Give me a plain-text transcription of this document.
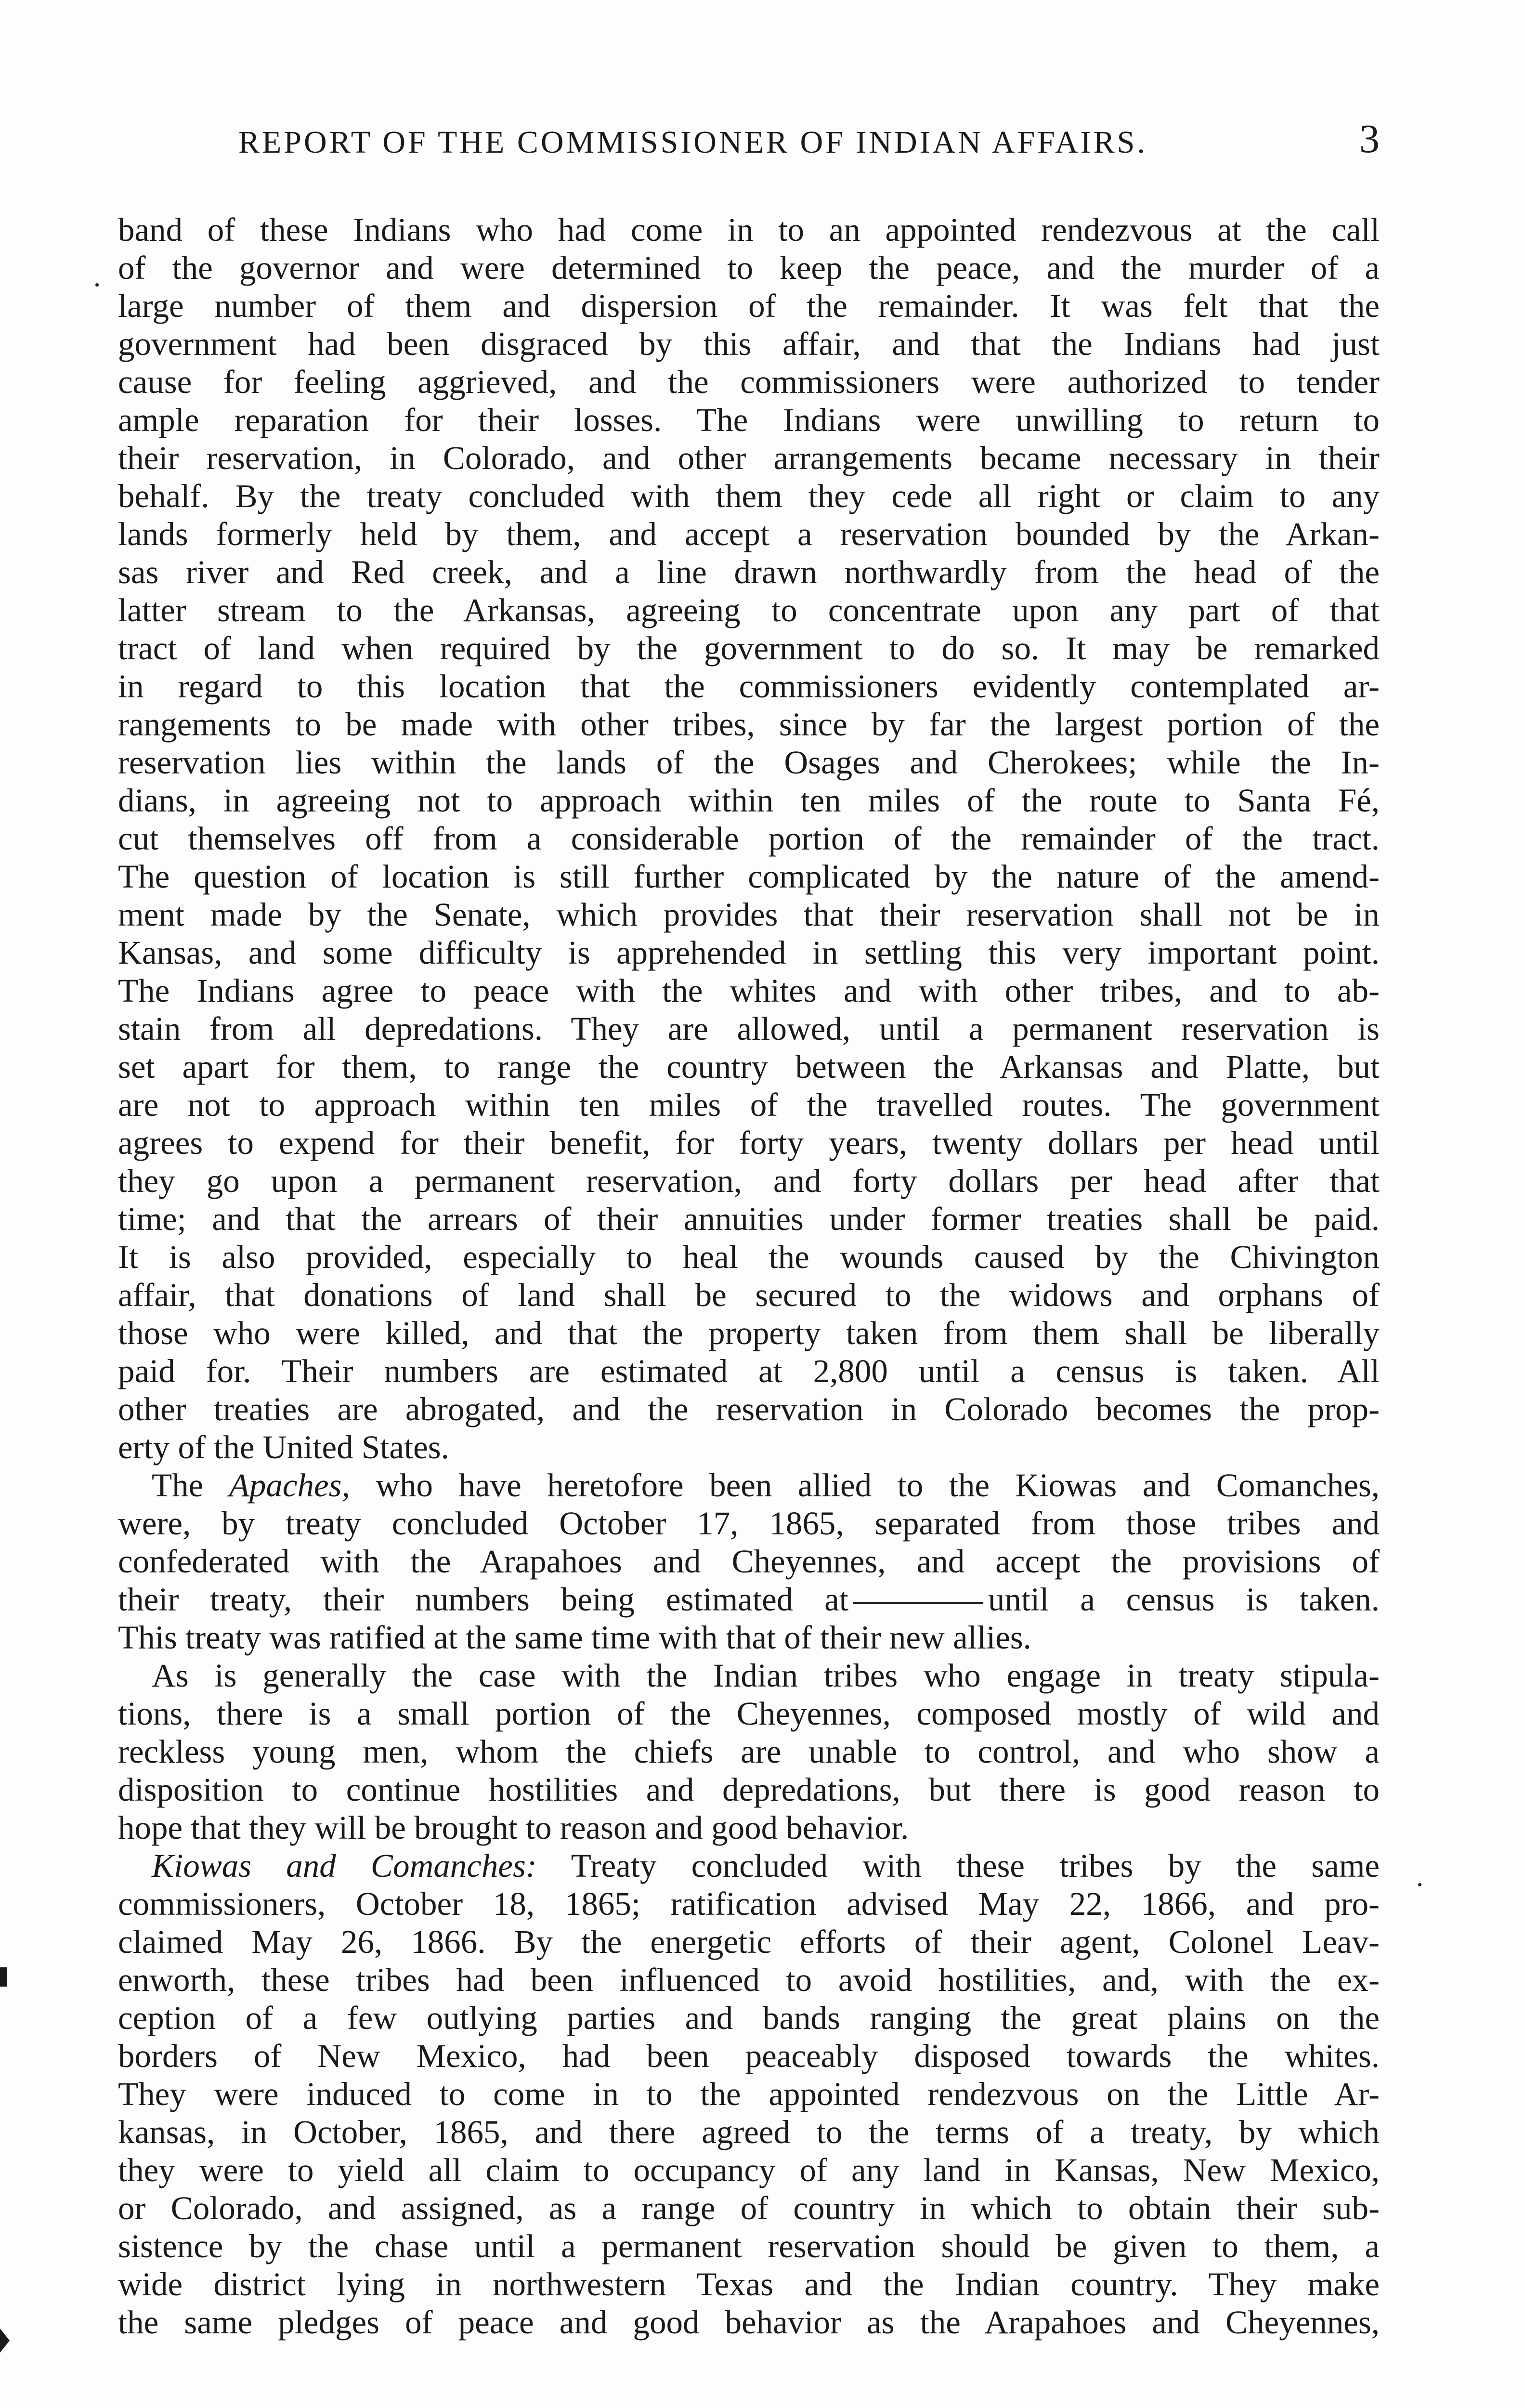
REPORT OF THE COMMISSIONER OF INDIAN AFFAIRS.	3
band of these Indians who had come in to an appointed rendezvous at the call
of the governor and were determined to keep the peace, and the murder of a
large number of them and dispersion of the remainder. It was felt that the
government had been disgraced by this affair, and that the Indians had just
cause for feeling aggrieved, and the commissioners were authorized to tender
ample reparation for their losses. The Indians were unwilling to return to
their reservation, in Colorado, and other arrangements became necessary in their
behalf. By the treaty concluded with them they cede all right or claim to any
lands formerly held by them, and accept a reservation bounded by the Arkan-
sas river and Red creek, and a line drawn northwardly from the head of the
latter stream to the Arkansas, agreeing to concentrate upon any part of that
tract of land when required by the government to do so. It may be remarked
in regard to this location that the commissioners evidently contemplated ar-
rangements to be made with other tribes, since by far the largest portion of the
reservation lies within the lands of the Osages and Cherokees; while the In-
dians, in agreeing not to approach within ten miles of the route to Santa Fé,
cut themselves off from a considerable portion of the remainder of the tract.
The question of location is still further complicated by the nature of the amend-
ment made by the Senate, which provides that their reservation shall not be in
Kansas, and some difficulty is apprehended in settling this very important point.
The Indians agree to peace with the whites and with other tribes, and to ab-
stain from all depredations. They are allowed, until a permanent reservation is
set apart for them, to range the country between the Arkansas and Platte, but
are not to approach within ten miles of the travelled routes. The government
agrees to expend for their benefit, for forty years, twenty dollars per head until
they go upon a permanent reservation, and forty dollars per head after that
time; and that the arrears of their annuities under former treaties shall be paid.
It is also provided, especially to heal the wounds caused by the Chivington
affair, that donations of land shall be secured to the widows and orphans of
those who were killed, and that the property taken from them shall be liberally
paid for. Their numbers are estimated at 2,800 until a census is taken. All
other treaties are abrogated, and the reservation in Colorado becomes the prop-
erty of the United States.
The Apaches, who have heretofore been allied to the Kiowas and Comanches,
were, by treaty concluded October 17, 1865, separated from those tribes and
confederated with the Arapahoes and Cheyennes, and accept the provisions of
their treaty, their numbers being estimated at	until a census is taken.
This treaty was ratified at the same time with that of their new allies.
As is generally the case with the Indian tribes who engage in treaty stipula-
tions, there is a small portion of the Cheyennes, composed mostly of wild and
reckless young men, whom the chiefs are unable to control, and who show a
disposition to continue hostilities and depredations, but there is good reason to
hope that they will be brought to reason and good behavior.
Kiowas and Comanches: Treaty concluded with these tribes by the same
commissioners, October 18, 1865; ratification advised May 22, 1866, and pro-
claimed May 26, 1866. By the energetic efforts of their agent, Colonel Leav-
enworth, these tribes had been influenced to avoid hostilities, and, with the ex-
ception of a few outlying parties and bands ranging the great plains on the
borders of New Mexico, had been peaceably disposed towards the whites.
They were induced to come in to the appointed rendezvous on the Little Ar-
kansas, in October, 1865, and there agreed to the terms of a treaty, by which
they were to yield all claim to occupancy of any land in Kansas, New Mexico,
or Colorado, and assigned, as a range of country in which to obtain their sub-
sistence by the chase until a permanent reservation should be given to them, a
wide district lying in northwestern Texas and the Indian country. They make
the same pledges of peace and good behavior as the Arapahoes and Cheyennes,
